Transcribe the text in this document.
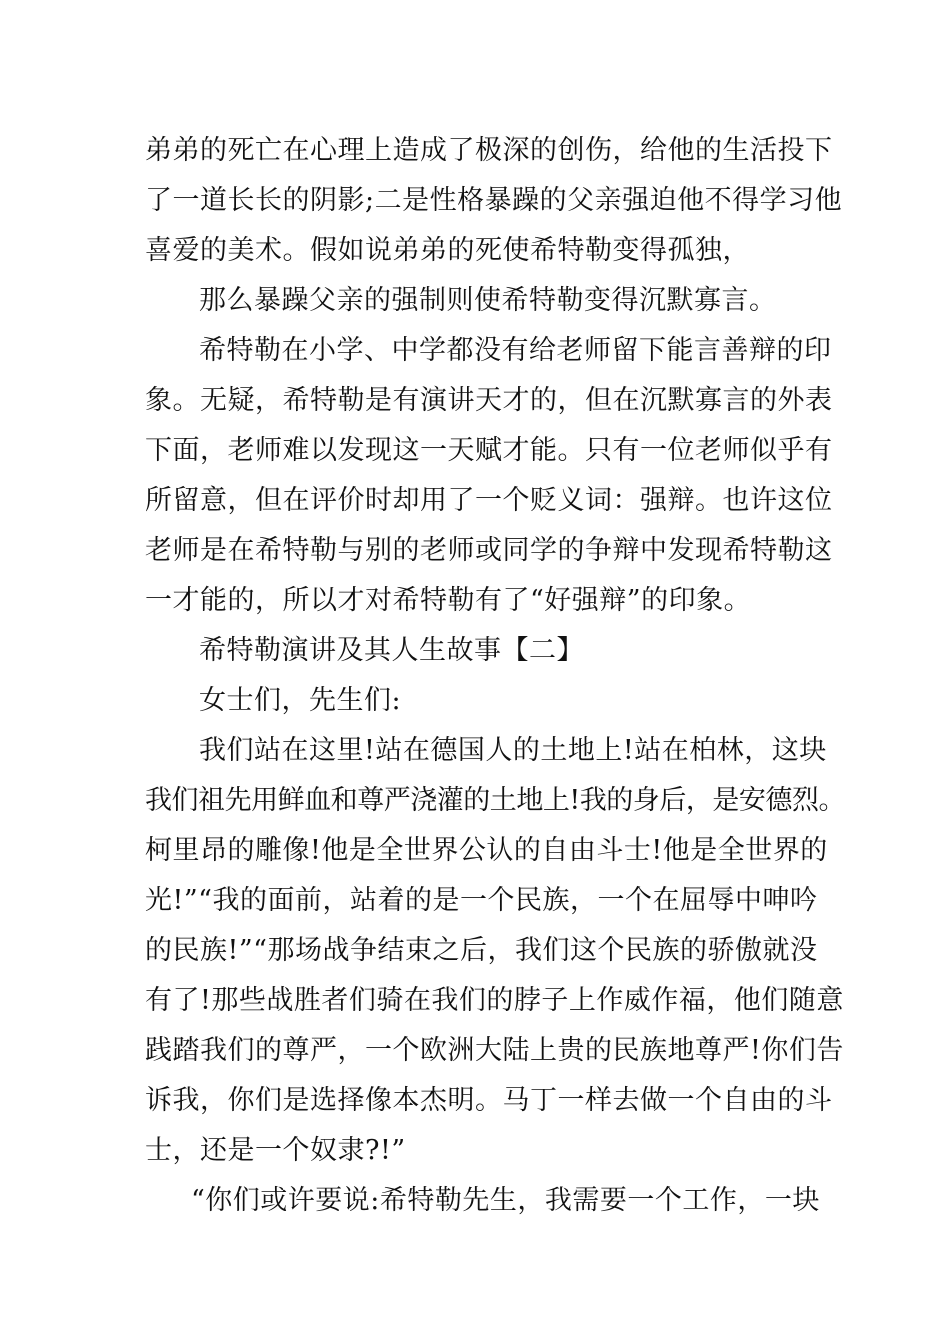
弟弟的死亡在心理上造成了极深的创伤，给他的生活投下
了一道长长的阴影;二是性格暴躁的父亲强迫他不得学习他
喜爱的美术。假如说弟弟的死使希特勒变得孤独，

那么暴躁父亲的强制则使希特勒变得沉默寡言。

希特勒在小学、中学都没有给老师留下能言善辩的印
象。无疑，希特勒是有演讲天才的，但在沉默寡言的外表
下面，老师难以发现这一天赋才能。只有一位老师似乎有
所留意，但在评价时却用了一个贬义词：强辩。也许这位
老师是在希特勒与别的老师或同学的争辩中发现希特勒这
一才能的，所以才对希特勒有了“好强辩”的印象。

希特勒演讲及其人生故事【二】

女士们，先生们:

我们站在这里!站在德国人的土地上!站在柏林，这块
我们祖先用鲜血和尊严浇灌的土地上!我的身后，是安德烈。
柯里昂的雕像!他是全世界公认的自由斗士!他是全世界的
光!”“我的面前，站着的是一个民族，一个在屈辱中呻吟
的民族!”“那场战争结束之后，我们这个民族的骄傲就没
有了!那些战胜者们骑在我们的脖子上作威作福，他们随意
践踏我们的尊严，一个欧洲大陆上贵的民族地尊严!你们告
诉我，你们是选择像本杰明。马丁一样去做一个自由的斗
士，还是一个奴隶?!”

“你们或许要说:希特勒先生，我需要一个工作，一块
